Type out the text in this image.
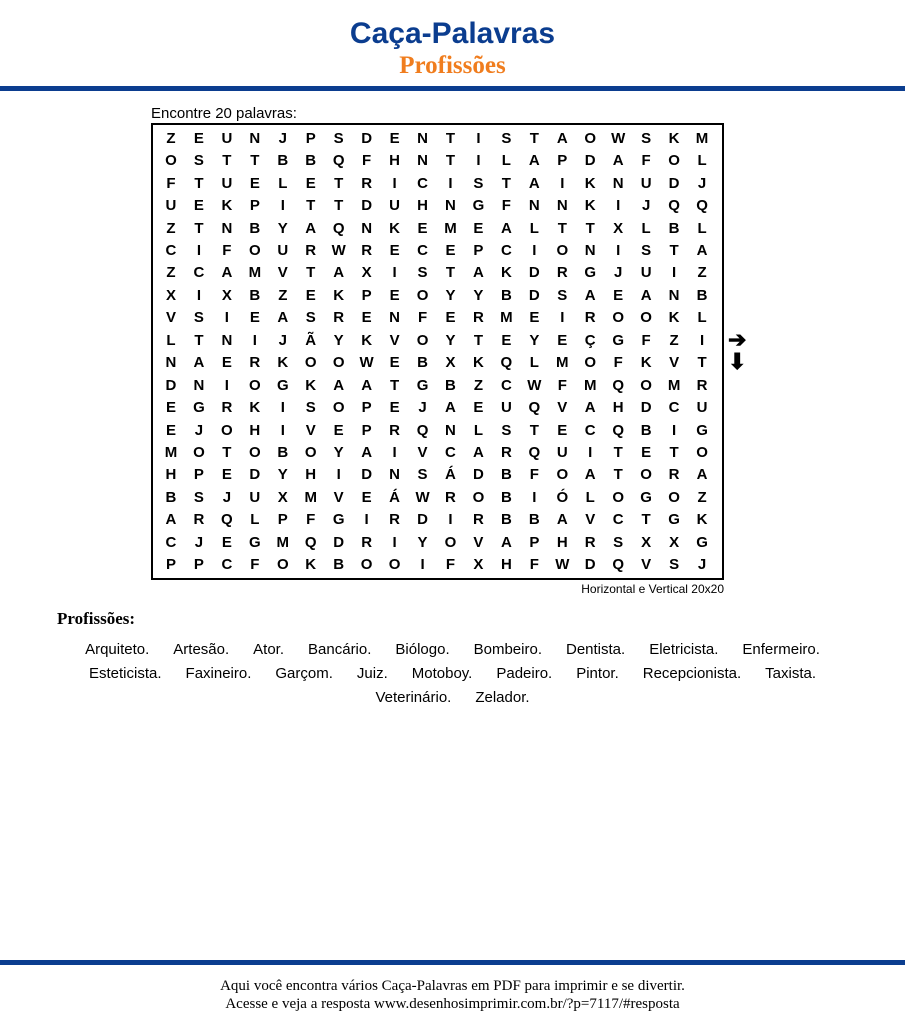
Caça-Palavras
Profissões
Encontre 20 palavras:
Z	E	U	N	J	P	S	D	E	N	T	I	S	T	A	O	W	S	K	M
O	S	T	T	B	B	Q	F	H	N	T	I	L	A	P	D	A	F	O	L
F	T	U	E	L	E	T	R	I	C	I	S	T	A	I	K	N	U	D	J
U	E	K	P	I	T	T	D	U	H	N	G	F	N	N	K	I	J	Q	Q
Z	T	N	B	Y	A	Q	N	K	E	M	E	A	L	T	T	X	L	B	L
C	I	F	O	U	R	W	R	E	C	E	P	C	I	O	N	I	S	T	A
Z	C	A	M	V	T	A	X	I	S	T	A	K	D	R	G	J	U	I	Z
X	I	X	B	Z	E	K	P	E	O	Y	Y	B	D	S	A	E	A	N	B
V	S	I	E	A	S	R	E	N	F	E	R	M	E	I	R	O	O	K	L
L	T	N	I	J	Ã	Y	K	V	O	Y	T	E	Y	E	Ç	G	F	Z	I
N	A	E	R	K	O	O	W	E	B	X	K	Q	L	M	O	F	K	V	T
D	N	I	O	G	K	A	A	T	G	B	Z	C	W	F	M	Q	O	M	R
E	G	R	K	I	S	O	P	E	J	A	E	U	Q	V	A	H	D	C	U
E	J	O	H	I	V	E	P	R	Q	N	L	S	T	E	C	Q	B	I	G
M	O	T	O	B	O	Y	A	I	V	C	A	R	Q	U	I	T	E	T	O
H	P	E	D	Y	H	I	D	N	S	Á	D	B	F	O	A	T	O	R	A
B	S	J	U	X	M	V	E	Á	W	R	O	B	I	Ó	L	O	G	O	Z
A	R	Q	L	P	F	G	I	R	D	I	R	B	B	A	V	C	T	G	K
C	J	E	G	M	Q	D	R	I	Y	O	V	A	P	H	R	S	X	X	G
P	P	C	F	O	K	B	O	O	I	F	X	H	F	W	D	Q	V	S	J
➔
⬇
Horizontal e Vertical 20x20
Profissões:
Arquiteto. Artesão. Ator. Bancário. Biólogo. Bombeiro. Dentista. Eletricista. Enfermeiro.Esteticista. Faxineiro. Garçom. Juiz. Motoboy. Padeiro. Pintor. Recepcionista. Taxista.Veterinário. Zelador.
Aqui você encontra vários Caça-Palavras em PDF para imprimir e se divertir.
Acesse e veja a resposta www.desenhosimprimir.com.br/?p=7117/#resposta
